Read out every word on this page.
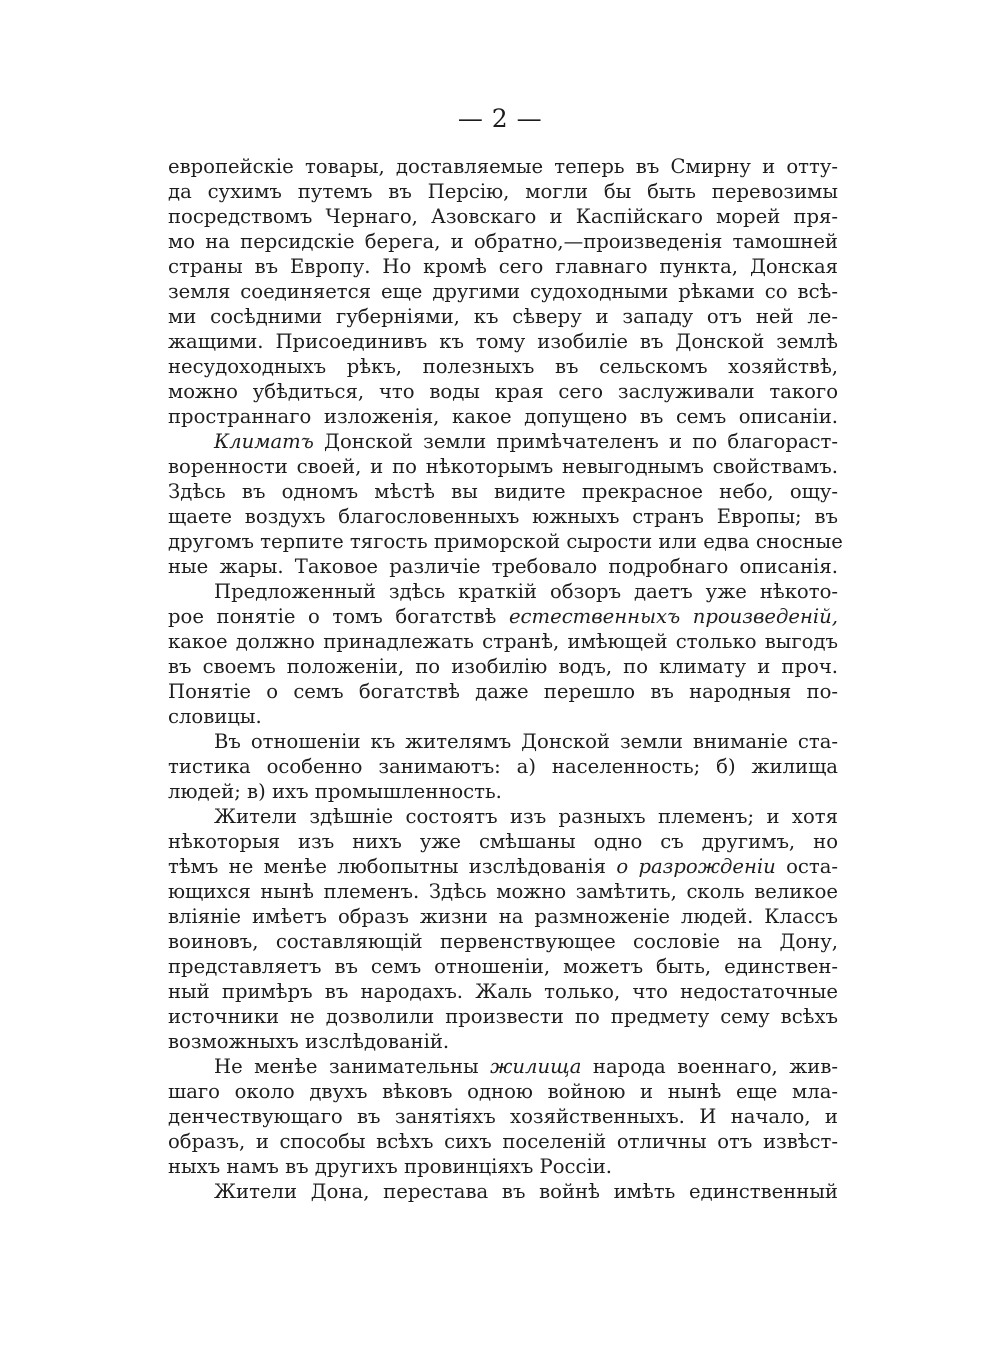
— 2 —
европейскіе товары, доставляемые теперь въ Смирну и отту-
да сухимъ путемъ въ Персію, могли бы быть перевозимы
посредствомъ Чернаго, Азовскаго и Каспійскаго морей пря-
мо на персидскіе берега, и обратно,—произведенія тамошней
страны въ Европу. Но кромѣ сего главнаго пункта, Донская
земля соединяется еще другими судоходными рѣками со всѣ-
ми сосѣдними губерніями, къ сѣверу и западу отъ ней ле-
жащими. Присоединивъ къ тому изобиліе въ Донской землѣ
несудоходныхъ рѣкъ, полезныхъ въ сельскомъ хозяйствѣ,
можно убѣдиться, что воды края сего заслуживали такого
пространнаго изложенія, какое допущено въ семъ описаніи.
Климатъ Донской земли примѣчателенъ и по благораст-
воренности своей, и по нѣкоторымъ невыгоднымъ свойствамъ.
Здѣсь въ одномъ мѣстѣ вы видите прекрасное небо, ощу-
щаете воздухъ благословенныхъ южныхъ странъ Европы; въ
другомъ терпите тягость приморской сырости или едва сносные
ные жары. Таковое различіе требовало подробнаго описанія.
Предложенный здѣсь краткій обзоръ даетъ уже нѣкото-
рое понятіе о томъ богатствѣ естественныхъ произведеній,
какое должно принадлежать странѣ, имѣющей столько выгодъ
въ своемъ положеніи, по изобилію водъ, по климату и проч.
Понятіе о семъ богатствѣ даже перешло въ народныя по-
словицы.
Въ отношеніи къ жителямъ Донской земли вниманіе ста-
тистика особенно занимаютъ: а) населенность; б) жилища
людей; в) ихъ промышленность.
Жители здѣшніе состоятъ изъ разныхъ племенъ; и хотя
нѣкоторыя изъ нихъ уже смѣшаны одно съ другимъ, но
тѣмъ не менѣе любопытны изслѣдованія о разрожденіи оста-
ющихся нынѣ племенъ. Здѣсь можно замѣтить, сколь великое
вліяніе имѣетъ образъ жизни на размноженіе людей. Классъ
воиновъ, составляющій первенствующее сословіе на Дону,
представляетъ въ семъ отношеніи, можетъ быть, единствен-
ный примѣръ въ народахъ. Жаль только, что недостаточные
источники не дозволили произвести по предмету сему всѣхъ
возможныхъ изслѣдованій.
Не менѣе занимательны жилища народа военнаго, жив-
шаго около двухъ вѣковъ одною войною и нынѣ еще мла-
денчествующаго въ занятіяхъ хозяйственныхъ. И начало, и
образъ, и способы всѣхъ сихъ поселеній отличны отъ извѣст-
ныхъ намъ въ другихъ провинціяхъ Россіи.
Жители Дона, перестава въ войнѣ имѣть единственный
